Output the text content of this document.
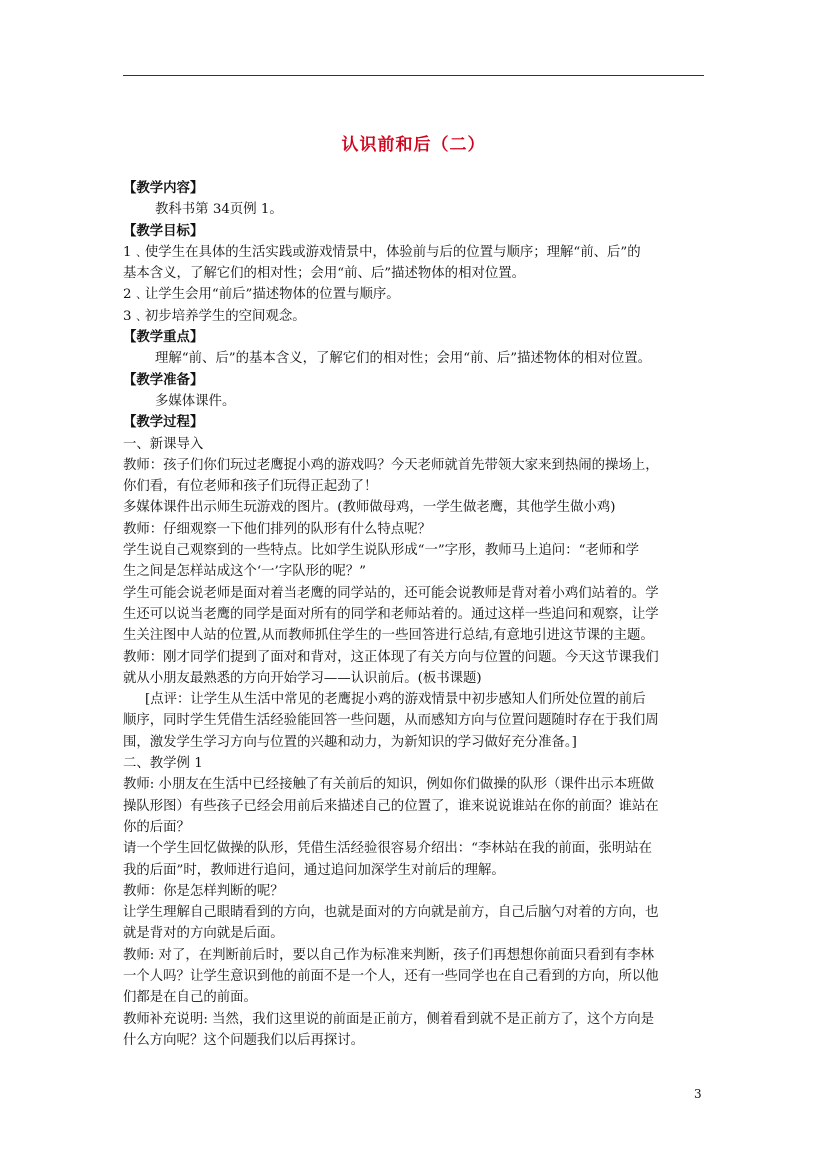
认识前和后（二）

【教学内容】

教科书第 34页例 1。

【教学目标】

1﹑使学生在具体的生活实践或游戏情景中，体验前与后的位置与顺序；理解“前、后”的

基本含义，了解它们的相对性；会用“前、后”描述物体的相对位置。

2﹑让学生会用“前后”描述物体的位置与顺序。

3﹑初步培养学生的空间观念。

【教学重点】

理解“前、后”的基本含义，了解它们的相对性；会用“前、后”描述物体的相对位置。

【教学准备】

多媒体课件。

【教学过程】

一、新课导入

教师：孩子们你们玩过老鹰捉小鸡的游戏吗？今天老师就首先带领大家来到热闹的操场上，

你们看，有位老师和孩子们玩得正起劲了！

多媒体课件出示师生玩游戏的图片。(教师做母鸡，一学生做老鹰，其他学生做小鸡)

教师：仔细观察一下他们排列的队形有什么特点呢？

学生说自己观察到的一些特点。比如学生说队形成“一”字形，教师马上追问：“老师和学

生之间是怎样站成这个‘一’字队形的呢？”

学生可能会说老师是面对着当老鹰的同学站的，还可能会说教师是背对着小鸡们站着的。学

生还可以说当老鹰的同学是面对所有的同学和老师站着的。通过这样一些追问和观察，让学

生关注图中人站的位置,从而教师抓住学生的一些回答进行总结,有意地引进这节课的主题。

教师：刚才同学们提到了面对和背对，这正体现了有关方向与位置的问题。今天这节课我们

就从小朋友最熟悉的方向开始学习——认识前后。(板书课题)

[点评：让学生从生活中常见的老鹰捉小鸡的游戏情景中初步感知人们所处位置的前后

顺序，同时学生凭借生活经验能回答一些问题，从而感知方向与位置问题随时存在于我们周

围，激发学生学习方向与位置的兴趣和动力，为新知识的学习做好充分准备。]

二、教学例 1

教师: 小朋友在生活中已经接触了有关前后的知识，例如你们做操的队形（课件出示本班做

操队形图）有些孩子已经会用前后来描述自己的位置了，谁来说说谁站在你的前面？谁站在

你的后面？

请一个学生回忆做操的队形，凭借生活经验很容易介绍出：“李林站在我的前面，张明站在

我的后面”时，教师进行追问，通过追问加深学生对前后的理解。

教师：你是怎样判断的呢？

让学生理解自己眼睛看到的方向，也就是面对的方向就是前方，自己后脑勺对着的方向，也

就是背对的方向就是后面。

教师: 对了，在判断前后时，要以自己作为标准来判断，孩子们再想想你前面只看到有李林

一个人吗？让学生意识到他的前面不是一个人，还有一些同学也在自己看到的方向，所以他

们都是在自己的前面。

教师补充说明: 当然，我们这里说的前面是正前方，侧着看到就不是正前方了，这个方向是

什么方向呢？这个问题我们以后再探讨。

3
